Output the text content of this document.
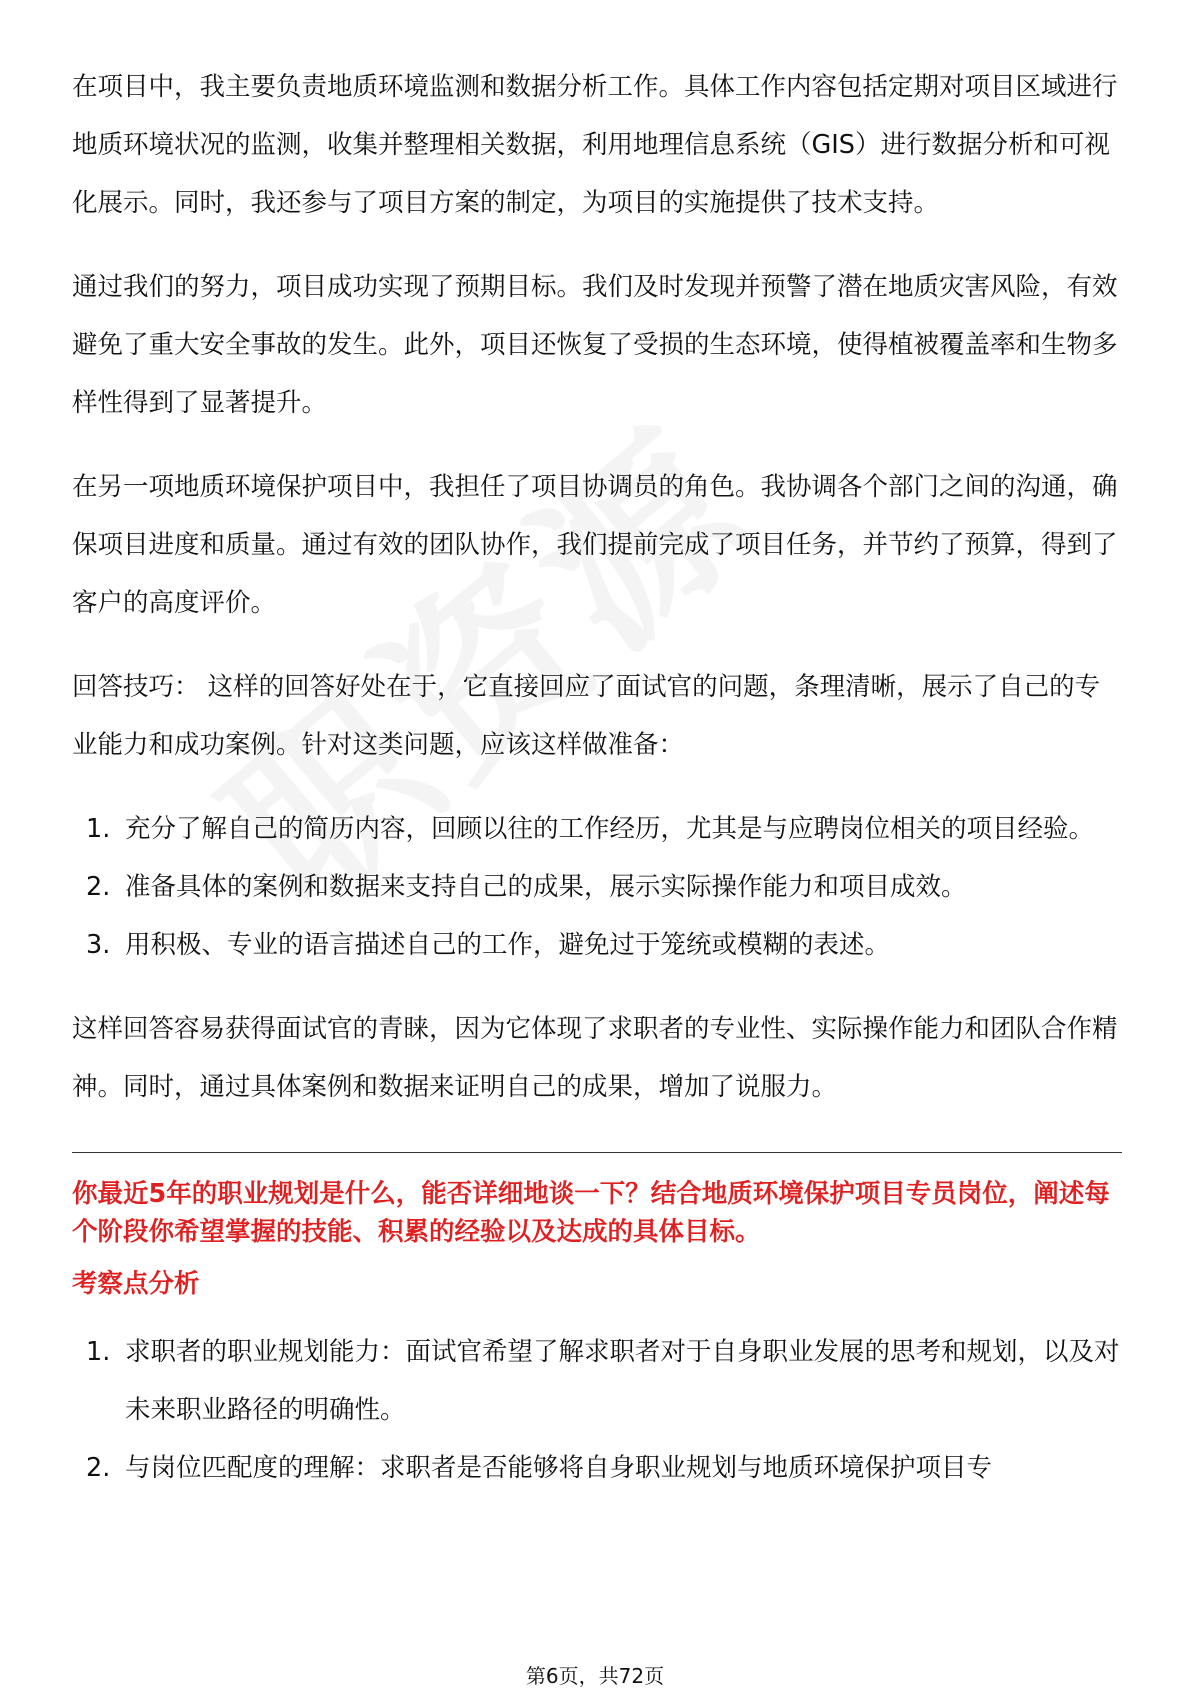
在项目中，我主要负责地质环境监测和数据分析工作。具体工作内容包括定期对项目区域进行地质环境状况的监测，收集并整理相关数据，利用地理信息系统（GIS）进行数据分析和可视化展示。同时，我还参与了项目方案的制定，为项目的实施提供了技术支持。

通过我们的努力，项目成功实现了预期目标。我们及时发现并预警了潜在地质灾害风险，有效避免了重大安全事故的发生。此外，项目还恢复了受损的生态环境，使得植被覆盖率和生物多样性得到了显著提升。

在另一项地质环境保护项目中，我担任了项目协调员的角色。我协调各个部门之间的沟通，确保项目进度和质量。通过有效的团队协作，我们提前完成了项目任务，并节约了预算，得到了客户的高度评价。

回答技巧： 这样的回答好处在于，它直接回应了面试官的问题，条理清晰，展示了自己的专业能力和成功案例。针对这类问题，应该这样做准备：

1. 充分了解自己的简历内容，回顾以往的工作经历，尤其是与应聘岗位相关的项目经验。
2. 准备具体的案例和数据来支持自己的成果，展示实际操作能力和项目成效。
3. 用积极、专业的语言描述自己的工作，避免过于笼统或模糊的表述。

这样回答容易获得面试官的青睐，因为它体现了求职者的专业性、实际操作能力和团队合作精神。同时，通过具体案例和数据来证明自己的成果，增加了说服力。

你最近5年的职业规划是什么，能否详细地谈一下？结合地质环境保护项目专员岗位，阐述每个阶段你希望掌握的技能、积累的经验以及达成的具体目标。
考察点分析
1. 求职者的职业规划能力：面试官希望了解求职者对于自身职业发展的思考和规划，以及对未来职业路径的明确性。
2. 与岗位匹配度的理解：求职者是否能够将自身职业规划与地质环境保护项目专
第6页，共72页
